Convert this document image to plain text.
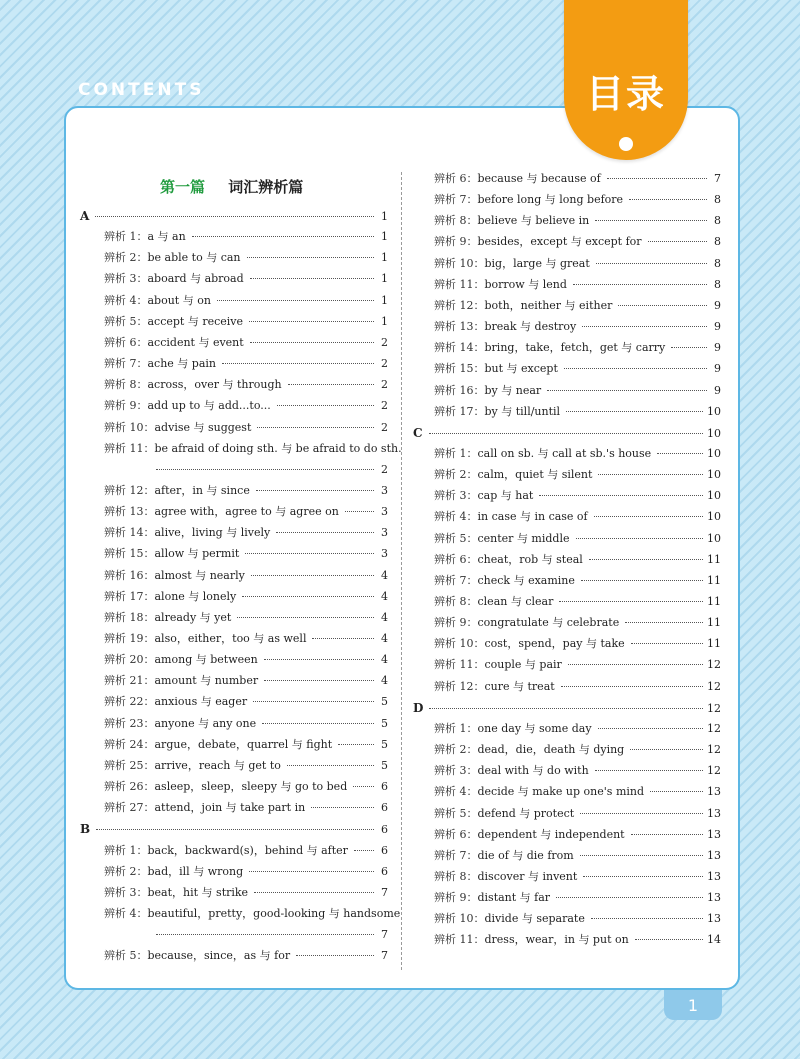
CONTENTS	目录
第一篇 词汇辨析篇
A	1
辨析 1：a 与 an	1
辨析 2：be able to 与 can	1
辨析 3：aboard 与 abroad	1
辨析 4：about 与 on	1
辨析 5：accept 与 receive	1
辨析 6：accident 与 event	2
辨析 7：ache 与 pain	2
辨析 8：across，over 与 through	2
辨析 9：add up to 与 add...to...	2
辨析 10：advise 与 suggest	2
辨析 11：be afraid of doing sth. 与 be afraid to do sth.
2
辨析 12：after，in 与 since	3
辨析 13：agree with，agree to 与 agree on	3
辨析 14：alive，living 与 lively	3
辨析 15：allow 与 permit	3
辨析 16：almost 与 nearly	4
辨析 17：alone 与 lonely	4
辨析 18：already 与 yet	4
辨析 19：also，either，too 与 as well	4
辨析 20：among 与 between	4
辨析 21：amount 与 number	4
辨析 22：anxious 与 eager	5
辨析 23：anyone 与 any one	5
辨析 24：argue，debate，quarrel 与 fight	5
辨析 25：arrive，reach 与 get to	5
辨析 26：asleep，sleep，sleepy 与 go to bed	6
辨析 27：attend，join 与 take part in	6
B	6
辨析 1：back，backward(s)，behind 与 after	6
辨析 2：bad，ill 与 wrong	6
辨析 3：beat，hit 与 strike	7
辨析 4：beautiful，pretty，good-looking 与 handsome
7
辨析 5：because，since，as 与 for	7
辨析 6：because 与 because of	7
辨析 7：before long 与 long before	8
辨析 8：believe 与 believe in	8
辨析 9：besides，except 与 except for	8
辨析 10：big，large 与 great	8
辨析 11：borrow 与 lend	8
辨析 12：both，neither 与 either	9
辨析 13：break 与 destroy	9
辨析 14：bring，take，fetch，get 与 carry	9
辨析 15：but 与 except	9
辨析 16：by 与 near	9
辨析 17：by 与 till/until	10
C	10
辨析 1：call on sb. 与 call at sb.'s house	10
辨析 2：calm，quiet 与 silent	10
辨析 3：cap 与 hat	10
辨析 4：in case 与 in case of	10
辨析 5：center 与 middle	10
辨析 6：cheat，rob 与 steal	11
辨析 7：check 与 examine	11
辨析 8：clean 与 clear	11
辨析 9：congratulate 与 celebrate	11
辨析 10：cost，spend，pay 与 take	11
辨析 11：couple 与 pair	12
辨析 12：cure 与 treat	12
D	12
辨析 1：one day 与 some day	12
辨析 2：dead，die，death 与 dying	12
辨析 3：deal with 与 do with	12
辨析 4：decide 与 make up one's mind	13
辨析 5：defend 与 protect	13
辨析 6：dependent 与 independent	13
辨析 7：die of 与 die from	13
辨析 8：discover 与 invent	13
辨析 9：distant 与 far	13
辨析 10：divide 与 separate	13
辨析 11：dress，wear，in 与 put on	14
1
